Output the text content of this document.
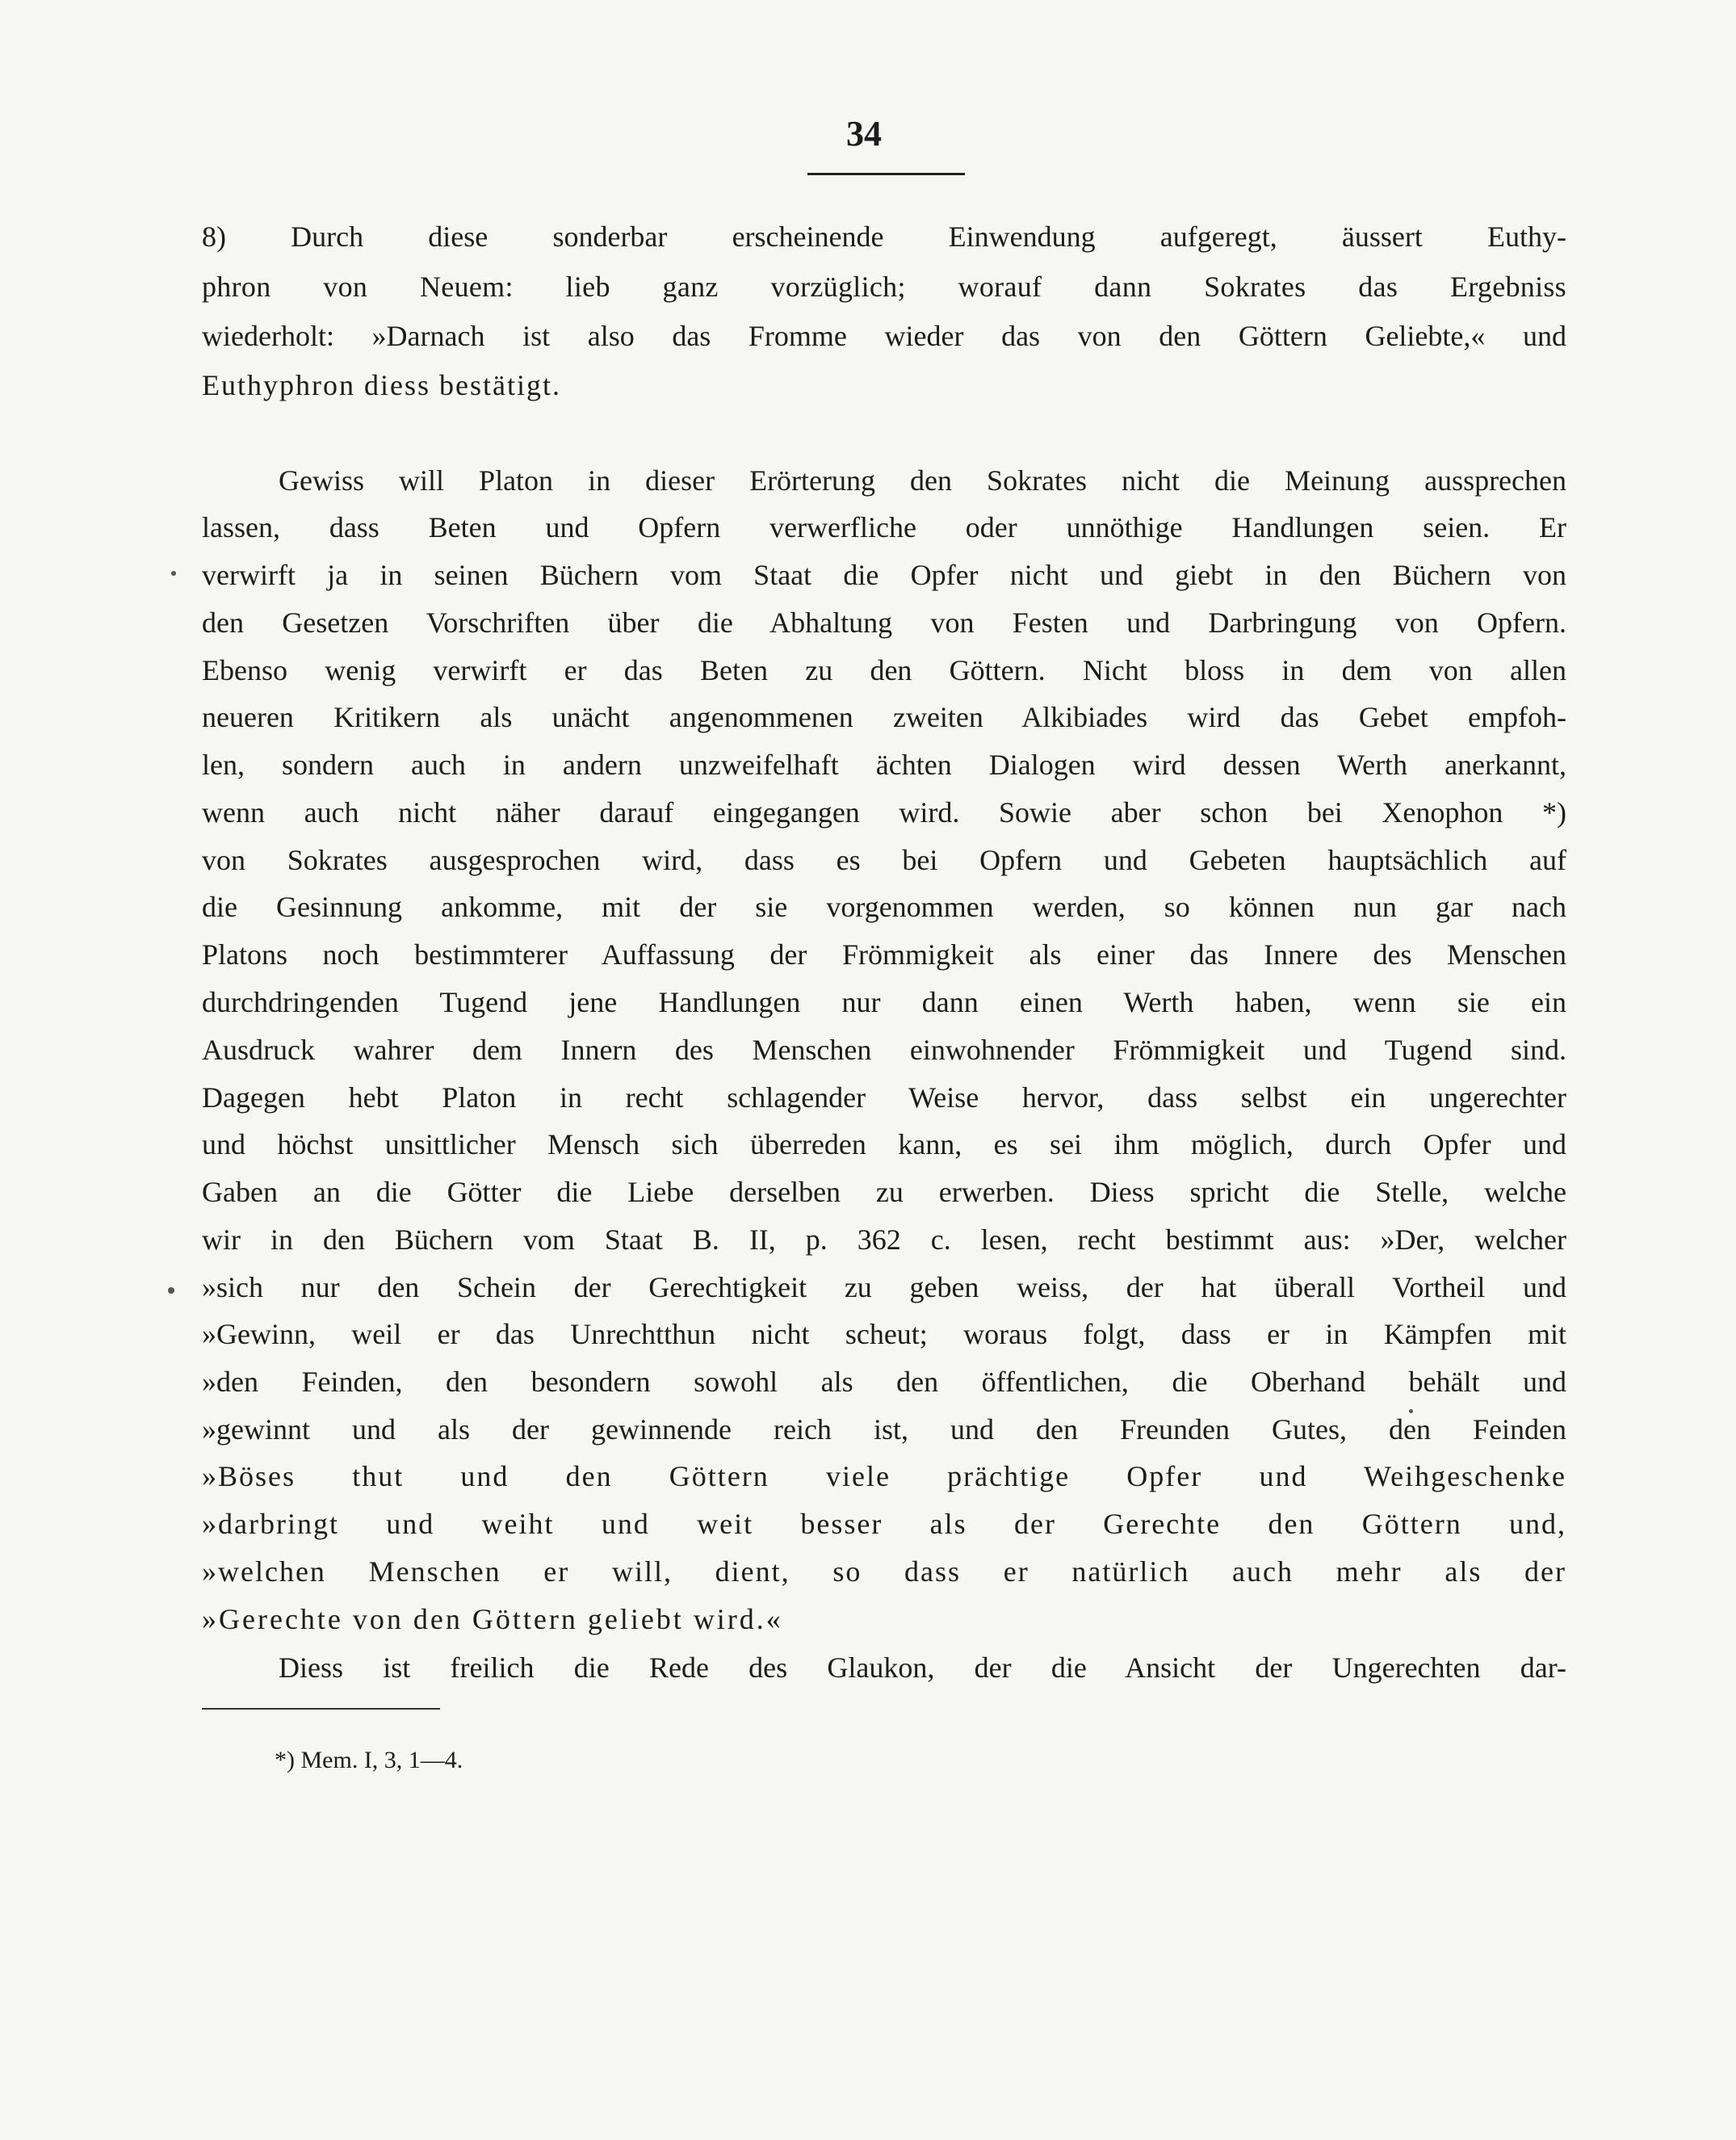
34
8) Durch diese sonderbar erscheinende Einwendung aufgeregt, äussert Euthy-
phron von Neuem: lieb ganz vorzüglich; worauf dann Sokrates das Ergebniss
wiederholt: »Darnach ist also das Fromme wieder das von den Göttern Geliebte,« und
Euthyphron diess bestätigt.
Gewiss will Platon in dieser Erörterung den Sokrates nicht die Meinung aussprechen
lassen, dass Beten und Opfern verwerfliche oder unnöthige Handlungen seien. Er
verwirft ja in seinen Büchern vom Staat die Opfer nicht und giebt in den Büchern von
den Gesetzen Vorschriften über die Abhaltung von Festen und Darbringung von Opfern.
Ebenso wenig verwirft er das Beten zu den Göttern. Nicht bloss in dem von allen
neueren Kritikern als unächt angenommenen zweiten Alkibiades wird das Gebet empfoh-
len, sondern auch in andern unzweifelhaft ächten Dialogen wird dessen Werth anerkannt,
wenn auch nicht näher darauf eingegangen wird. Sowie aber schon bei Xenophon *)
von Sokrates ausgesprochen wird, dass es bei Opfern und Gebeten hauptsächlich auf
die Gesinnung ankomme, mit der sie vorgenommen werden, so können nun gar nach
Platons noch bestimmterer Auffassung der Frömmigkeit als einer das Innere des Menschen
durchdringenden Tugend jene Handlungen nur dann einen Werth haben, wenn sie ein
Ausdruck wahrer dem Innern des Menschen einwohnender Frömmigkeit und Tugend sind.
Dagegen hebt Platon in recht schlagender Weise hervor, dass selbst ein ungerechter
und höchst unsittlicher Mensch sich überreden kann, es sei ihm möglich, durch Opfer und
Gaben an die Götter die Liebe derselben zu erwerben. Diess spricht die Stelle, welche
wir in den Büchern vom Staat B. II, p. 362 c. lesen, recht bestimmt aus: »Der, welcher
»sich nur den Schein der Gerechtigkeit zu geben weiss, der hat überall Vortheil und
»Gewinn, weil er das Unrechtthun nicht scheut; woraus folgt, dass er in Kämpfen mit
»den Feinden, den besondern sowohl als den öffentlichen, die Oberhand behält und
»gewinnt und als der gewinnende reich ist, und den Freunden Gutes, den Feinden
»Böses thut und den Göttern viele prächtige Opfer und Weihgeschenke
»darbringt und weiht und weit besser als der Gerechte den Göttern und,
»welchen Menschen er will, dient, so dass er natürlich auch mehr als der
»Gerechte von den Göttern geliebt wird.«
Diess ist freilich die Rede des Glaukon, der die Ansicht der Ungerechten dar-
*) Mem. I, 3, 1—4.
